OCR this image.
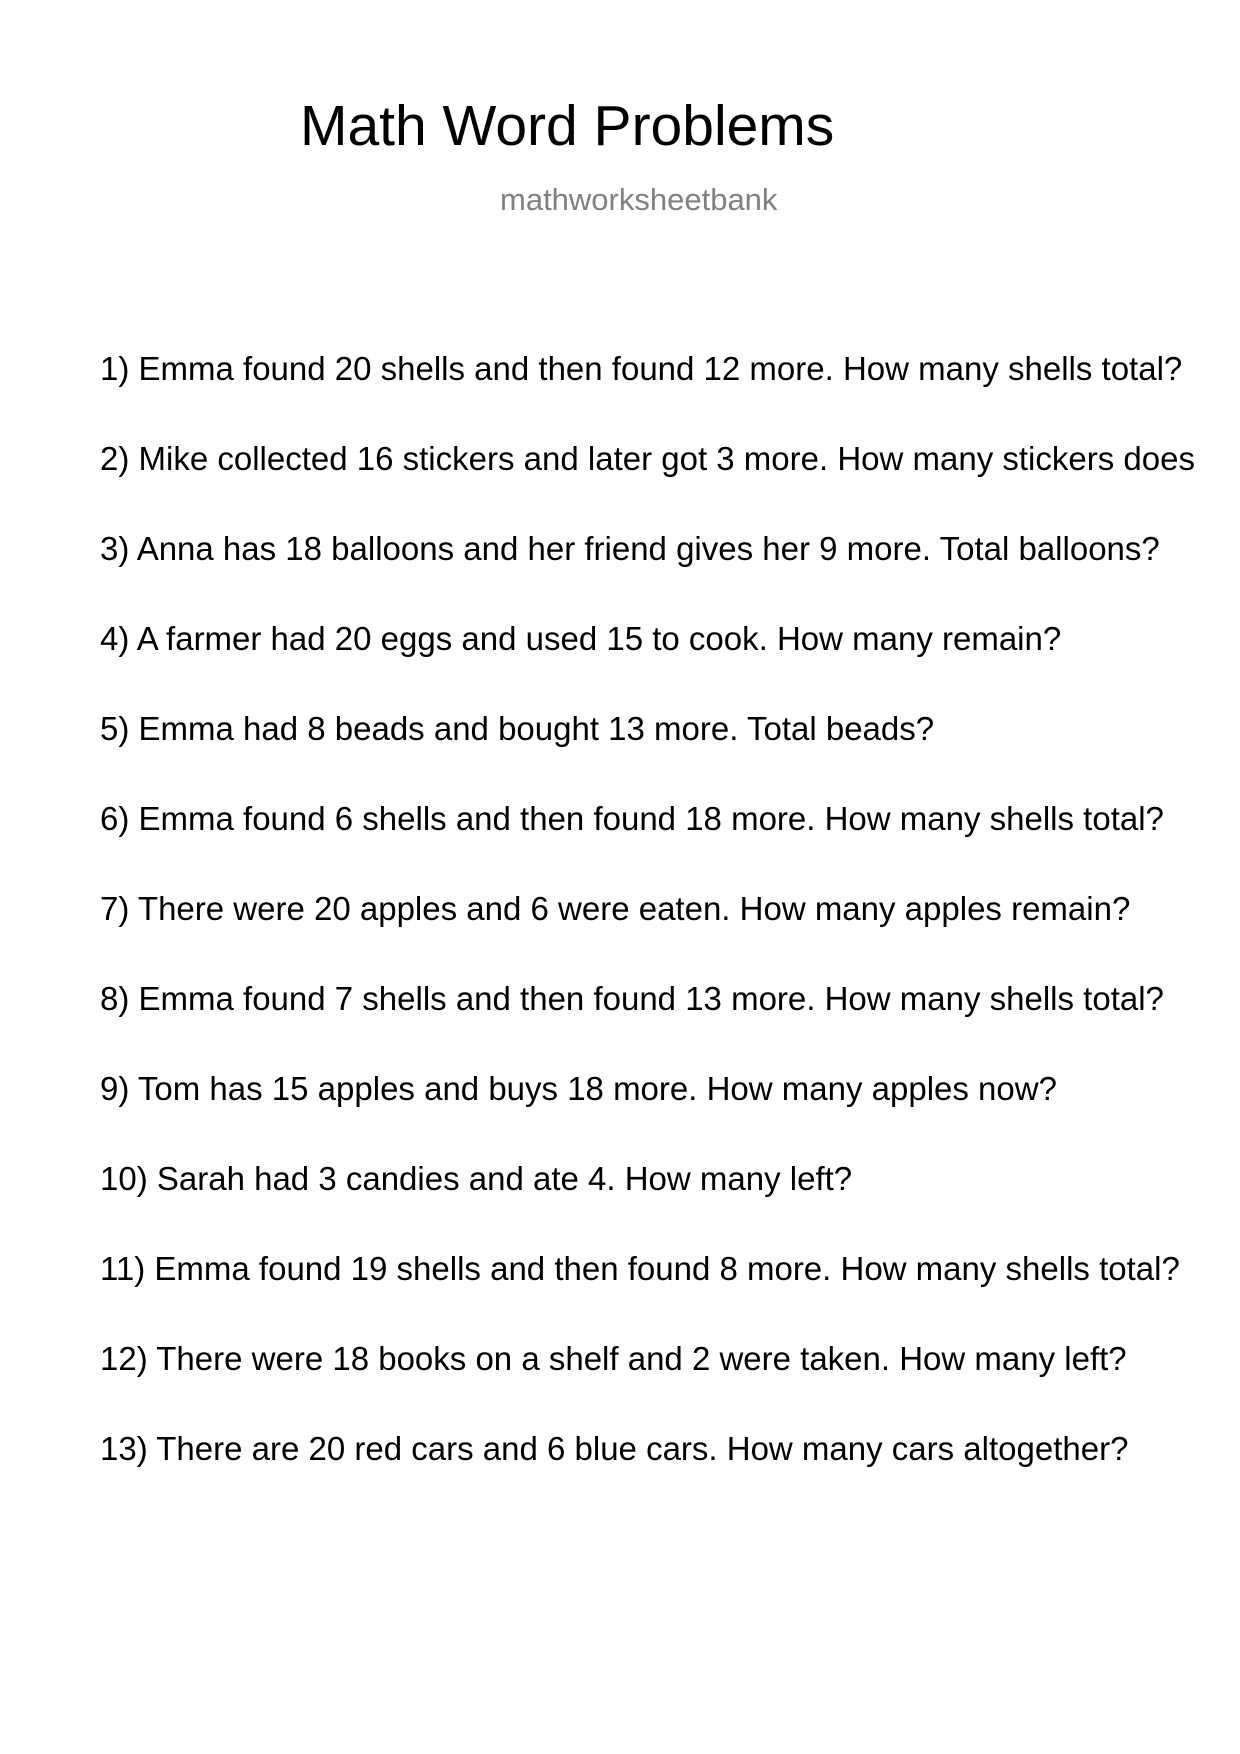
Math Word Problems
mathworksheetbank
1) Emma found 20 shells and then found 12 more. How many shells total?
2) Mike collected 16 stickers and later got 3 more. How many stickers does
3) Anna has 18 balloons and her friend gives her 9 more. Total balloons?
4) A farmer had 20 eggs and used 15 to cook. How many remain?
5) Emma had 8 beads and bought 13 more. Total beads?
6) Emma found 6 shells and then found 18 more. How many shells total?
7) There were 20 apples and 6 were eaten. How many apples remain?
8) Emma found 7 shells and then found 13 more. How many shells total?
9) Tom has 15 apples and buys 18 more. How many apples now?
10) Sarah had 3 candies and ate 4. How many left?
11) Emma found 19 shells and then found 8 more. How many shells total?
12) There were 18 books on a shelf and 2 were taken. How many left?
13) There are 20 red cars and 6 blue cars. How many cars altogether?
